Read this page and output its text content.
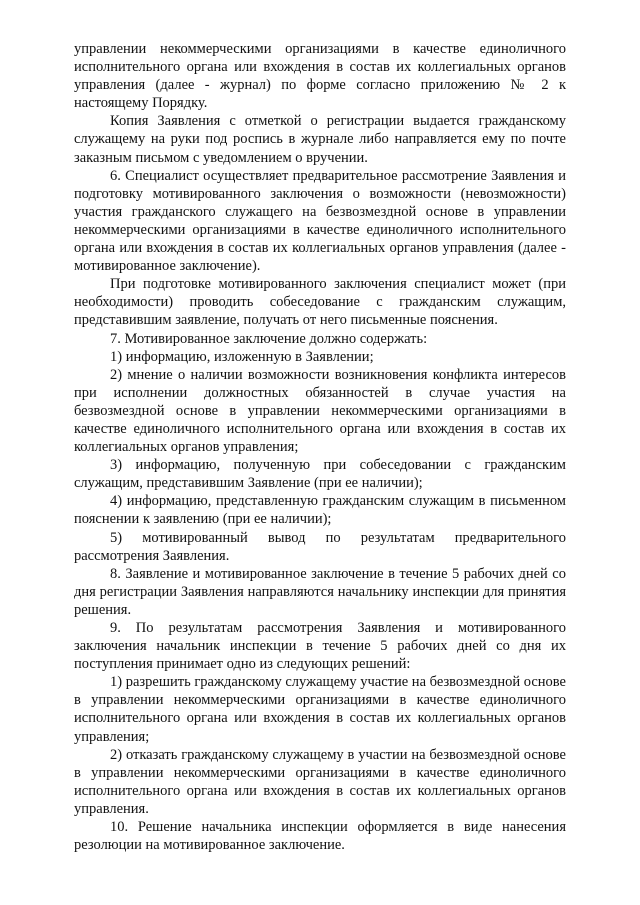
управлении некоммерческими организациями в качестве единоличного исполнительного органа или вхождения в состав их коллегиальных органов управления (далее - журнал) по форме согласно приложению № 2 к настоящему Порядку.

Копия Заявления с отметкой о регистрации выдается гражданскому служащему на руки под роспись в журнале либо направляется ему по почте заказным письмом с уведомлением о вручении.

6. Специалист осуществляет предварительное рассмотрение Заявления и подготовку мотивированного заключения о возможности (невозможности) участия гражданского служащего на безвозмездной основе в управлении некоммерческими организациями в качестве единоличного исполнительного органа или вхождения в состав их коллегиальных органов управления (далее - мотивированное заключение).

При подготовке мотивированного заключения специалист может (при необходимости) проводить собеседование с гражданским служащим, представившим заявление, получать от него письменные пояснения.

7. Мотивированное заключение должно содержать:

1) информацию, изложенную в Заявлении;

2) мнение о наличии возможности возникновения конфликта интересов при исполнении должностных обязанностей в случае участия на безвозмездной основе в управлении некоммерческими организациями в качестве единоличного исполнительного органа или вхождения в состав их коллегиальных органов управления;

3) информацию, полученную при собеседовании с гражданским служащим, представившим Заявление (при ее наличии);

4) информацию, представленную гражданским служащим в письменном пояснении к заявлению (при ее наличии);

5) мотивированный вывод по результатам предварительного рассмотрения Заявления.

8. Заявление и мотивированное заключение в течение 5 рабочих дней со дня регистрации Заявления направляются начальнику инспекции для принятия решения.

9. По результатам рассмотрения Заявления и мотивированного заключения начальник инспекции в течение 5 рабочих дней со дня их поступления принимает одно из следующих решений:

1) разрешить гражданскому служащему участие на безвозмездной основе в управлении некоммерческими организациями в качестве единоличного исполнительного органа или вхождения в состав их коллегиальных органов управления;

2) отказать гражданскому служащему в участии на безвозмездной основе в управлении некоммерческими организациями в качестве единоличного исполнительного органа или вхождения в состав их коллегиальных органов управления.

10. Решение начальника инспекции оформляется в виде нанесения резолюции на мотивированное заключение.
